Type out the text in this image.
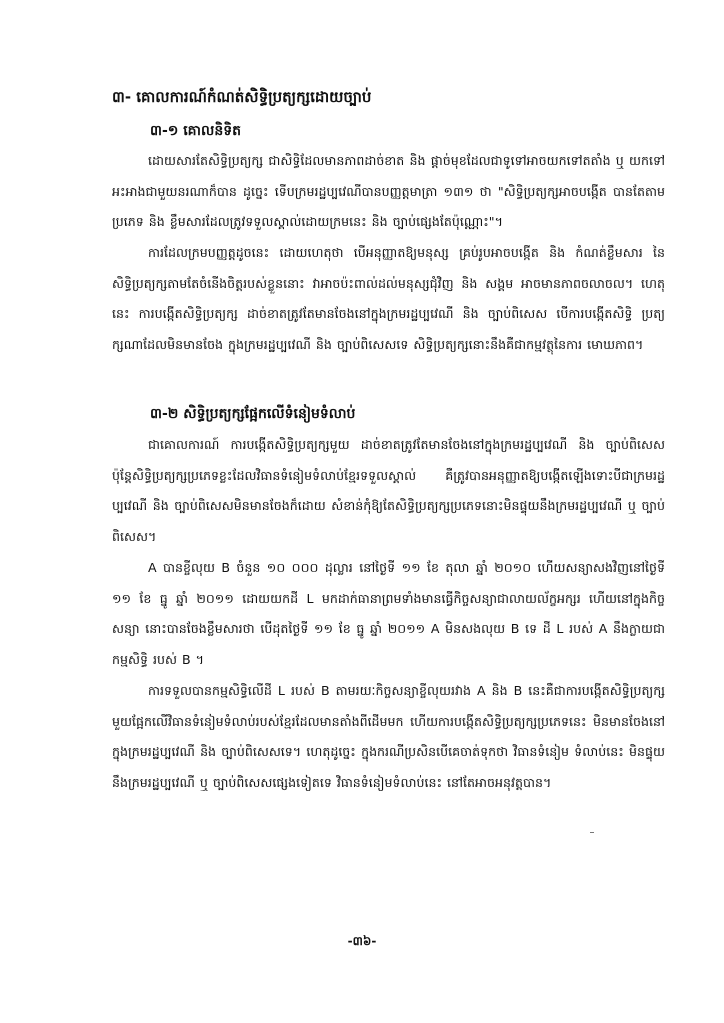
៣- គោលការណ៍កំណត់សិទ្ធិប្រត្យក្សដោយច្បាប់
៣-១ គោលនិទិត
ដោយសារតែសិទ្ធិប្រត្យក្ស ជាសិទ្ធិដែលមានភាពដាច់ខាត និង ផ្តាច់មុខដែលជាទូទៅអាចយកទៅតតាំង ឬ យកទៅអះអាងជាមួយនរណាក៏បាន ដូច្នេះ ទើបក្រមរដ្ឋប្បវេណីបានបញ្ញត្តមាត្រា ១៣១ ថា "សិទ្ធិប្រត្យក្សអាចបង្កើត បានតែតាម ប្រភេទ និង ខ្លឹមសារដែលត្រូវទទួលស្គាល់ដោយក្រមនេះ និង ច្បាប់ផ្សេងតែប៉ុណ្ណោះ"។
ការដែលក្រមបញ្ញត្តដូចនេះ ដោយហេតុថា បើអនុញ្ញាតឱ្យមនុស្ស គ្រប់រូបអាចបង្កើត និង កំណត់ខ្លឹមសារ នៃសិទ្ធិប្រត្យក្សតាមតែចំនើងចិត្តរបស់ខ្លួននោះ វាអាចប៉ះពាល់ដល់មនុស្សជុំវិញ និង សង្គម អាចមានភាពចលាចល។ ហេតុនេះ ការបង្កើតសិទ្ធិប្រត្យក្ស ដាច់ខាតត្រូវតែមានចែងនៅក្នុងក្រមរដ្ឋប្បវេណី និង ច្បាប់ពិសេស បើការបង្កើតសិទ្ធិ ប្រត្យក្សណាដែលមិនមានចែង ក្នុងក្រមរដ្ឋប្បវេណី និង ច្បាប់ពិសេសទេ សិទ្ធិប្រត្យក្សនោះនឹងគឺជាកម្មវត្ថុនៃការ មោឃភាព។
៣-២ សិទ្ធិប្រត្យក្សផ្អែកលើទំនៀមទំលាប់
ជាគោលការណ៍ ការបង្កើតសិទ្ធិប្រត្យក្សមួយ ដាច់ខាតត្រូវតែមានចែងនៅក្នុងក្រមរដ្ឋប្បវេណី និង ច្បាប់ពិសេស ប៉ុន្តែសិទ្ធិប្រត្យក្សប្រភេទខ្លះដែលវិធានទំនៀមទំលាប់ខ្មែរទទួលស្គាល់ គឺត្រូវបានអនុញ្ញាតឱ្យបង្កើតឡើងទោះបីជាក្រមរដ្ឋ ប្បវេណី និង ច្បាប់ពិសេសមិនមានចែងក៏ដោយ សំខាន់កុំឱ្យតែសិទ្ធិប្រត្យក្សប្រភេទនោះមិនផ្ទុយនឹងក្រមរដ្ឋប្បវេណី ឬ ច្បាប់ពិសេស។
A បានខ្ចីលុយ B ចំនួន ១០ ០០០ ដុល្លារ នៅថ្ងៃទី ១១ ខែ តុលា ឆ្នាំ ២០១០ ហើយសន្យាសងវិញនៅថ្ងៃទី ១១ ខែ ធ្នូ ឆ្នាំ ២០១១ ដោយយកដី L មកដាក់ធានាព្រមទាំងមានធ្វើកិច្ចសន្យាជាលាយល័ក្ខអក្សរ ហើយនៅក្នុងកិច្ចសន្យា នោះបានចែងខ្លឹមសារថា បើដុតថ្ងៃទី ១១ ខែ ធ្នូ ឆ្នាំ ២០១១ A មិនសងលុយ B ទេ ដី L របស់ A នឹងក្លាយជាកម្មសិទ្ធិ របស់ B ។
ការទទួលបានកម្មសិទ្ធិលើដី L របស់ B តាមរយៈកិច្ចសន្យាខ្ចីលុយរវាង A និង B នេះគឺជាការបង្កើតសិទ្ធិប្រត្យក្សមួយផ្អែកលើវិធានទំនៀមទំលាប់របស់ខ្មែរដែលមានតាំងពីដើមមក ហើយការបង្កើតសិទ្ធិប្រត្យក្សប្រភេទនេះ មិនមានចែងនៅក្នុងក្រមរដ្ឋប្បវេណី និង ច្បាប់ពិសេសទេ។ ហេតុដូច្នេះ ក្នុងករណីប្រសិនបើគេចាត់ទុកថា វិធានទំនៀម ទំលាប់នេះ មិនផ្ទុយនឹងក្រមរដ្ឋប្បវេណី ឬ ច្បាប់ពិសេសផ្សេងទៀតទេ វិធានទំនៀមទំលាប់នេះ នៅតែអាចអនុវត្តបាន។
-៣៦-
